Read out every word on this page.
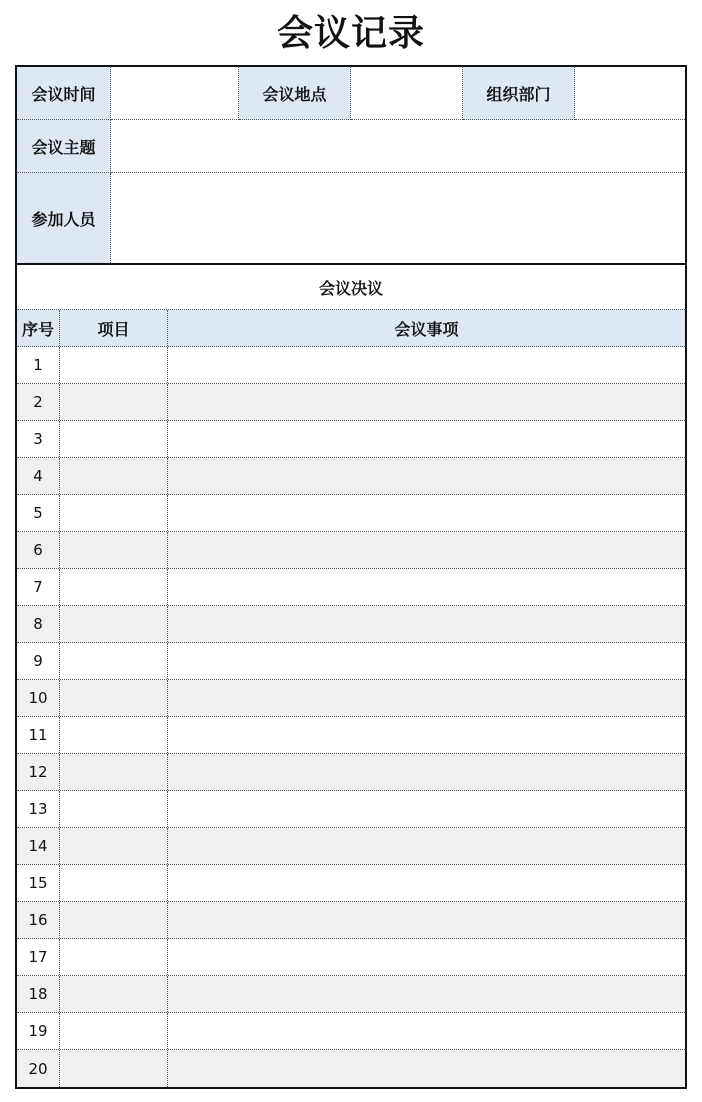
会议记录
会议时间	会议地点	组织部门
会议主题
参加人员
会议决议
序号	项目	会议事项
1
2
3
4
5
6
7
8
9
10
11
12
13
14
15
16
17
18
19
20
